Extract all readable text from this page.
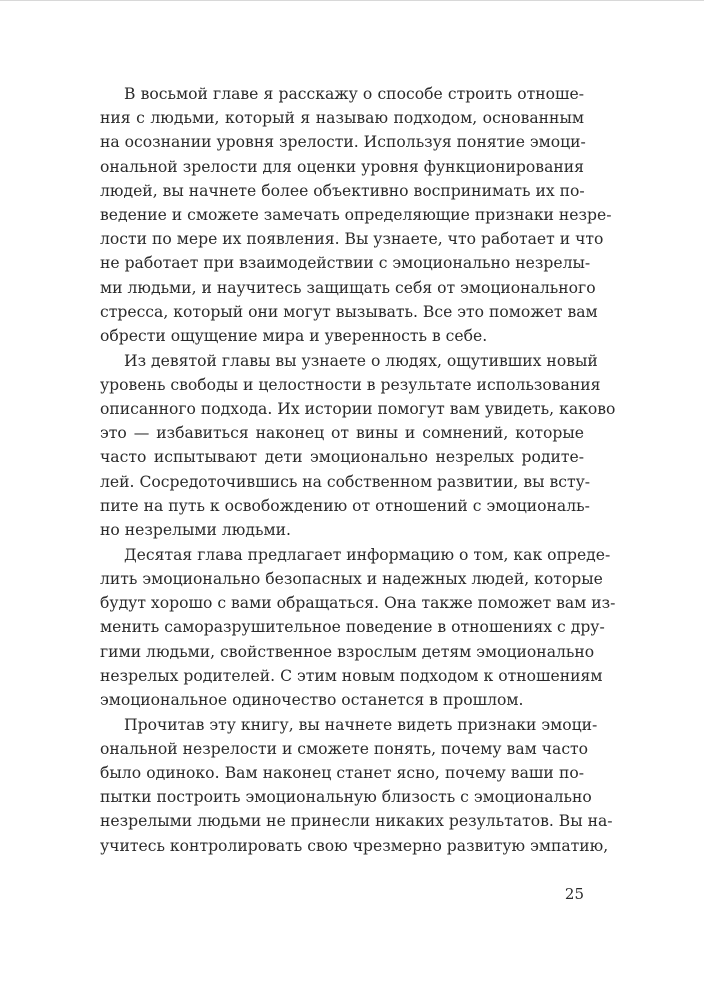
В восьмой главе я расскажу о способе строить отноше-
ния с людьми, который я называю подходом, основанным
на осознании уровня зрелости. Используя понятие эмоци-
ональной зрелости для оценки уровня функционирования
людей, вы начнете более объективно воспринимать их по-
ведение и сможете замечать определяющие признаки незре-
лости по мере их появления. Вы узнаете, что работает и что
не работает при взаимодействии с эмоционально незрелы-
ми людьми, и научитесь защищать себя от эмоционального
стресса, который они могут вызывать. Все это поможет вам
обрести ощущение мира и уверенность в себе.
Из девятой главы вы узнаете о людях, ощутивших новый
уровень свободы и целостности в результате использования
описанного подхода. Их истории помогут вам увидеть, каково
это — избавиться наконец от вины и сомнений, которые
часто испытывают дети эмоционально незрелых родите-
лей. Сосредоточившись на собственном развитии, вы всту-
пите на путь к освобождению от отношений с эмоциональ-
но незрелыми людьми.
Десятая глава предлагает информацию о том, как опреде-
лить эмоционально безопасных и надежных людей, которые
будут хорошо с вами обращаться. Она также поможет вам из-
менить саморазрушительное поведение в отношениях с дру-
гими людьми, свойственное взрослым детям эмоционально
незрелых родителей. С этим новым подходом к отношениям
эмоциональное одиночество останется в прошлом.
Прочитав эту книгу, вы начнете видеть признаки эмоци-
ональной незрелости и сможете понять, почему вам часто
было одиноко. Вам наконец станет ясно, почему ваши по-
пытки построить эмоциональную близость с эмоционально
незрелыми людьми не принесли никаких результатов. Вы на-
учитесь контролировать свою чрезмерно развитую эмпатию,
25
